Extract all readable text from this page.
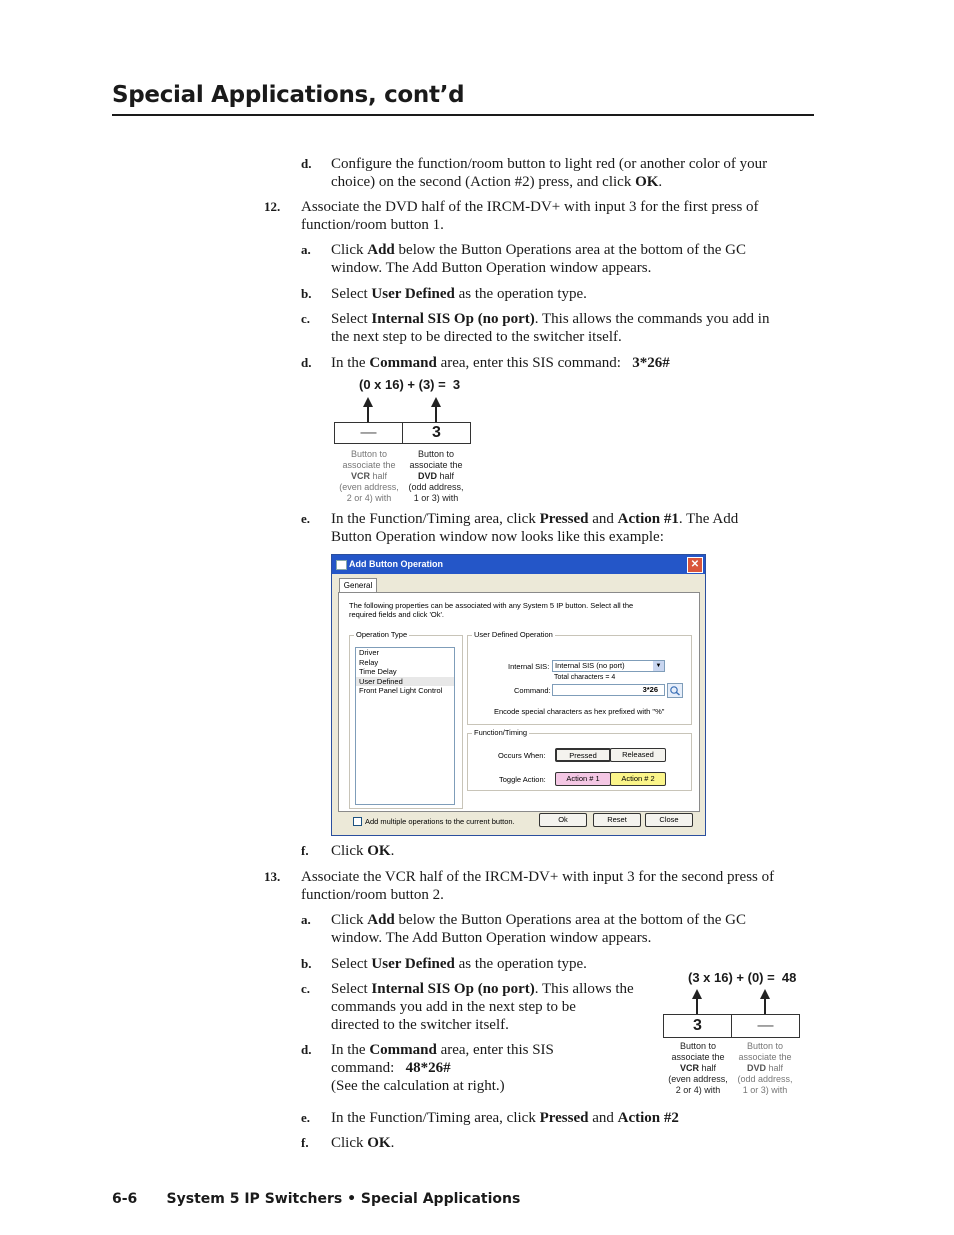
Special Applications, cont’d
d. Configure the function/room button to light red (or another color of your
choice) on the second (Action #2) press, and click OK.
12. Associate the DVD half of the IRCM-DV+ with input 3 for the first press of
function/room button 1.
a. Click Add below the Button Operations area at the bottom of the GC
window. The Add Button Operation window appears.
b. Select User Defined as the operation type.
c. Select Internal SIS Op (no port). This allows the commands you add in
the next step to be directed to the switcher itself.
d. In the Command area, enter this SIS command:   3*26#
(0 x 16) + (3) =  3
—	3
Button to
associate the
VCR half
(even address,
2 or 4) with
Button to
associate the
DVD half
(odd address,
1 or 3) with
e. In the Function/Timing area, click Pressed and Action #1. The Add
Button Operation window now looks like this example:
Add Button Operation	✕
General
The following properties can be associated with any System 5 IP button. Select all the
required fields and click 'Ok'.
Operation Type
Driver
Relay
Time Delay
User Defined
Front Panel Light Control
User Defined Operation
Internal SIS: Internal SIS (no port)	▼
Total characters = 4
Command:	3*26
Encode special characters as hex prefixed with "%"
Function/Timing
Occurs When:	Pressed	Released
Toggle Action:	Action # 1	Action # 2
Add multiple operations to the current button.	Ok	Reset	Close
f. Click OK.
13. Associate the VCR half of the IRCM-DV+ with input 3 for the second press of
function/room button 2.
a. Click Add below the Button Operations area at the bottom of the GC
window. The Add Button Operation window appears.
b. Select User Defined as the operation type.
c. Select Internal SIS Op (no port). This allows the
commands you add in the next step to be
directed to the switcher itself.
d. In the Command area, enter this SIS
command:   48*26#
(See the calculation at right.)
(3 x 16) + (0) =  48
3	—
Button to
associate the
VCR half
(even address,
2 or 4) with
Button to
associate the
DVD half
(odd address,
1 or 3) with
e. In the Function/Timing area, click Pressed and Action #2
f. Click OK.
6-6      System 5 IP Switchers • Special Applications
